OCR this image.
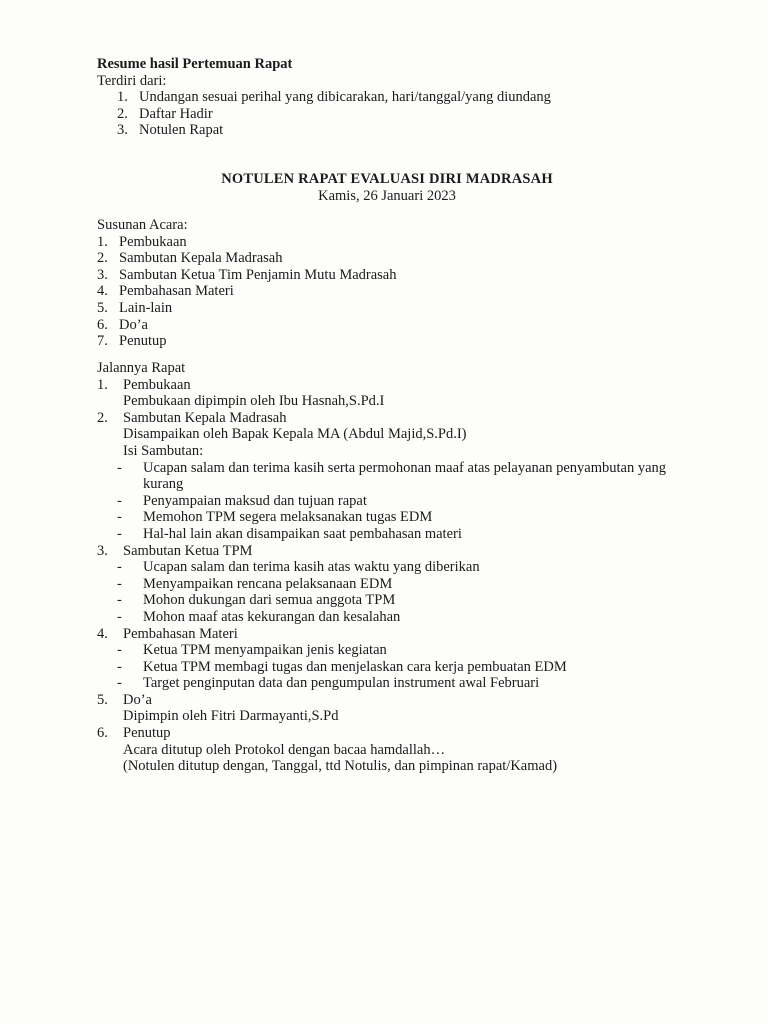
Resume hasil Pertemuan Rapat
Terdiri dari:
1. Undangan sesuai perihal yang dibicarakan, hari/tanggal/yang diundang
2. Daftar Hadir
3. Notulen Rapat
NOTULEN RAPAT EVALUASI DIRI MADRASAH
Kamis, 26 Januari 2023
Susunan Acara:
1. Pembukaan
2. Sambutan Kepala Madrasah
3. Sambutan Ketua Tim Penjamin Mutu Madrasah
4. Pembahasan Materi
5. Lain-lain
6. Do’a
7. Penutup
Jalannya Rapat
1.	Pembukaan
Pembukaan dipimpin oleh Ibu Hasnah,S.Pd.I
2.	Sambutan Kepala Madrasah
Disampaikan oleh Bapak Kepala MA (Abdul Majid,S.Pd.I)
Isi Sambutan:
-	Ucapan salam dan terima kasih serta permohonan maaf atas pelayanan penyambutan yang kurang
-	Penyampaian maksud dan tujuan rapat
-	Memohon TPM segera melaksanakan tugas EDM
-	Hal-hal lain akan disampaikan saat pembahasan materi
3.	Sambutan Ketua TPM
-	Ucapan salam dan terima kasih atas waktu yang diberikan
-	Menyampaikan rencana pelaksanaan EDM
-	Mohon dukungan dari semua anggota TPM
-	Mohon maaf atas kekurangan dan kesalahan
4.	Pembahasan Materi
-	Ketua TPM menyampaikan jenis kegiatan
-	Ketua TPM membagi tugas dan menjelaskan cara kerja pembuatan EDM
-	Target penginputan data dan pengumpulan instrument awal Februari
5.	Do’a
Dipimpin oleh Fitri Darmayanti,S.Pd
6.	Penutup
Acara ditutup oleh Protokol dengan bacaa hamdallah…
(Notulen ditutup dengan, Tanggal, ttd Notulis, dan pimpinan rapat/Kamad)
